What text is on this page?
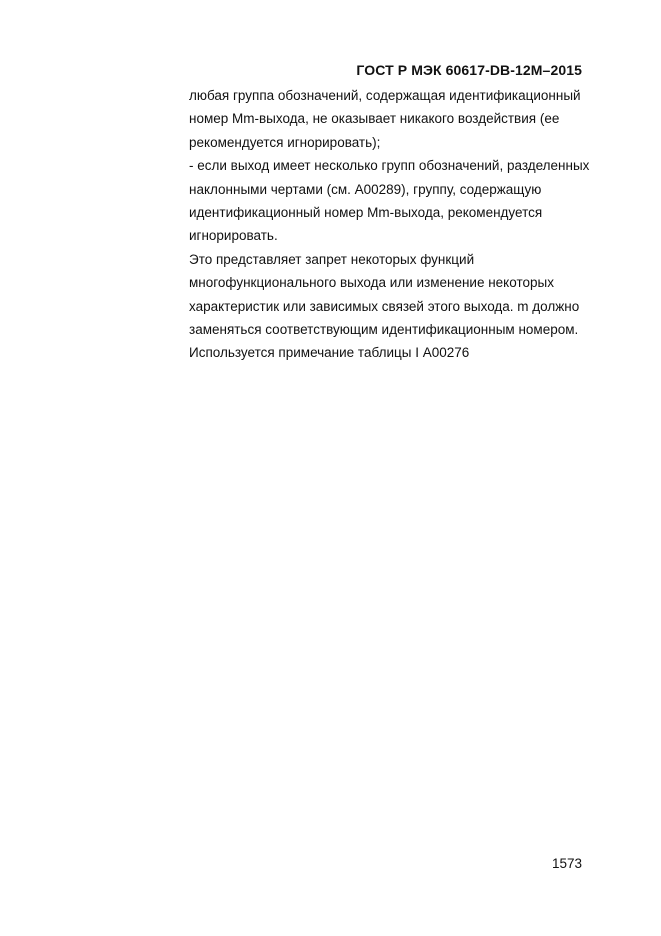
ГОСТ Р МЭК 60617-DB-12M–2015
любая группа обозначений, содержащая идентификационный
номер Mm-выхода, не оказывает никакого воздействия (ее
рекомендуется игнорировать);
- если выход имеет несколько групп обозначений, разделенных
наклонными чертами (см. А00289), группу, содержащую
идентификационный номер Mm-выхода, рекомендуется
игнорировать.
Это представляет запрет некоторых функций
многофункционального выхода или изменение некоторых
характеристик или зависимых связей этого выхода. m должно
заменяться соответствующим идентификационным номером.
Используется примечание таблицы I А00276
1573
